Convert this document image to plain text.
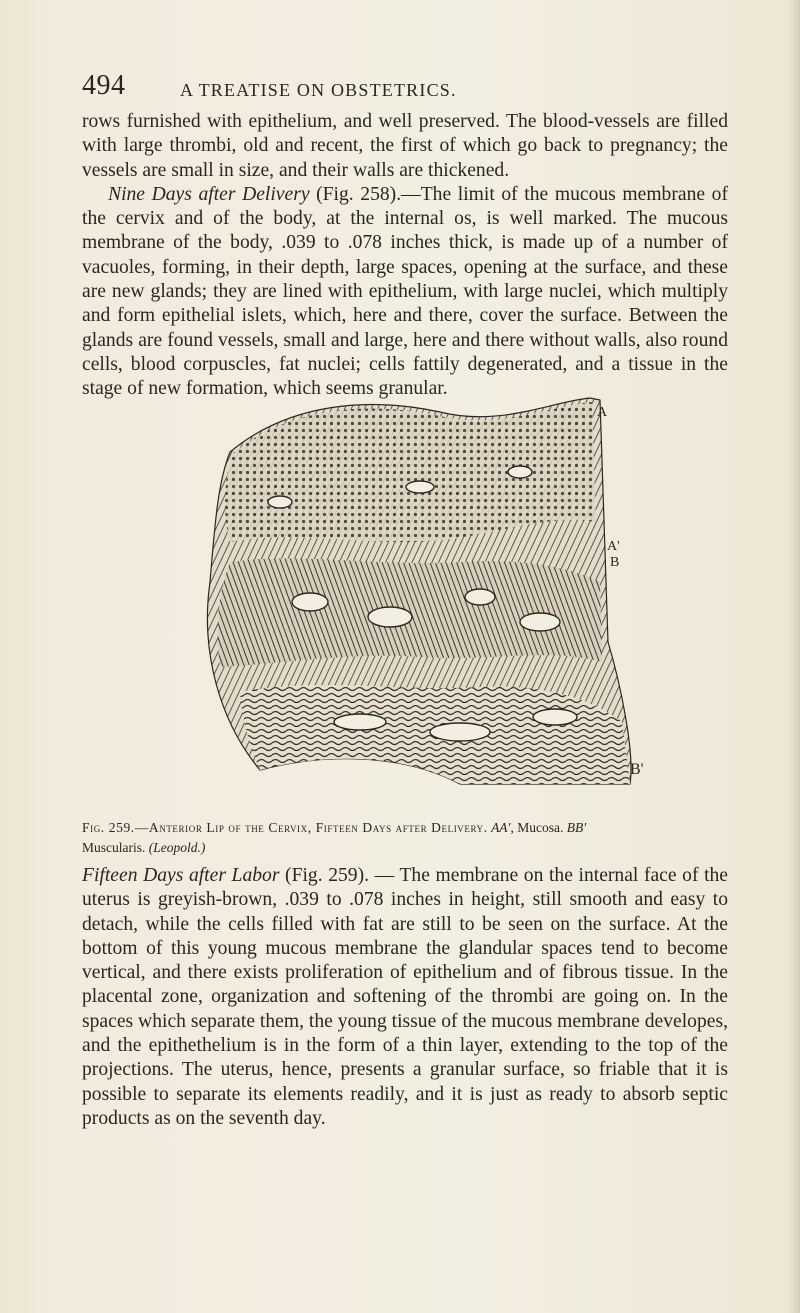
494	A TREATISE ON OBSTETRICS.

rows furnished with epithelium, and well preserved. The blood-vessels are filled with large thrombi, old and recent, the first of which go back to pregnancy; the vessels are small in size, and their walls are thickened.

Nine Days after Delivery (Fig. 258).—The limit of the mucous membrane of the cervix and of the body, at the internal os, is well marked. The mucous membrane of the body, .039 to .078 inches thick, is made up of a number of vacuoles, forming, in their depth, large spaces, opening at the surface, and these are new glands; they are lined with epithelium, with large nuclei, which multiply and form epithelial islets, which, here and there, cover the surface. Between the glands are found vessels, small and large, here and there without walls, also round cells, blood corpuscles, fat nuclei; cells fattily degenerated, and a tissue in the stage of new formation, which seems granular.

A
A'
B
B'
Fig. 259.—Anterior Lip of the Cervix, Fifteen Days after Delivery. AA', Mucosa. BB'
Muscularis. (Leopold.)

Fifteen Days after Labor (Fig. 259). — The membrane on the internal face of the uterus is greyish-brown, .039 to .078 inches in height, still smooth and easy to detach, while the cells filled with fat are still to be seen on the surface. At the bottom of this young mucous membrane the glandular spaces tend to become vertical, and there exists proliferation of epithelium and of fibrous tissue. In the placental zone, organization and softening of the thrombi are going on. In the spaces which separate them, the young tissue of the mucous membrane developes, and the epithethelium is in the form of a thin layer, extending to the top of the projections. The uterus, hence, presents a granular surface, so friable that it is possible to separate its elements readily, and it is just as ready to absorb septic products as on the seventh day.
